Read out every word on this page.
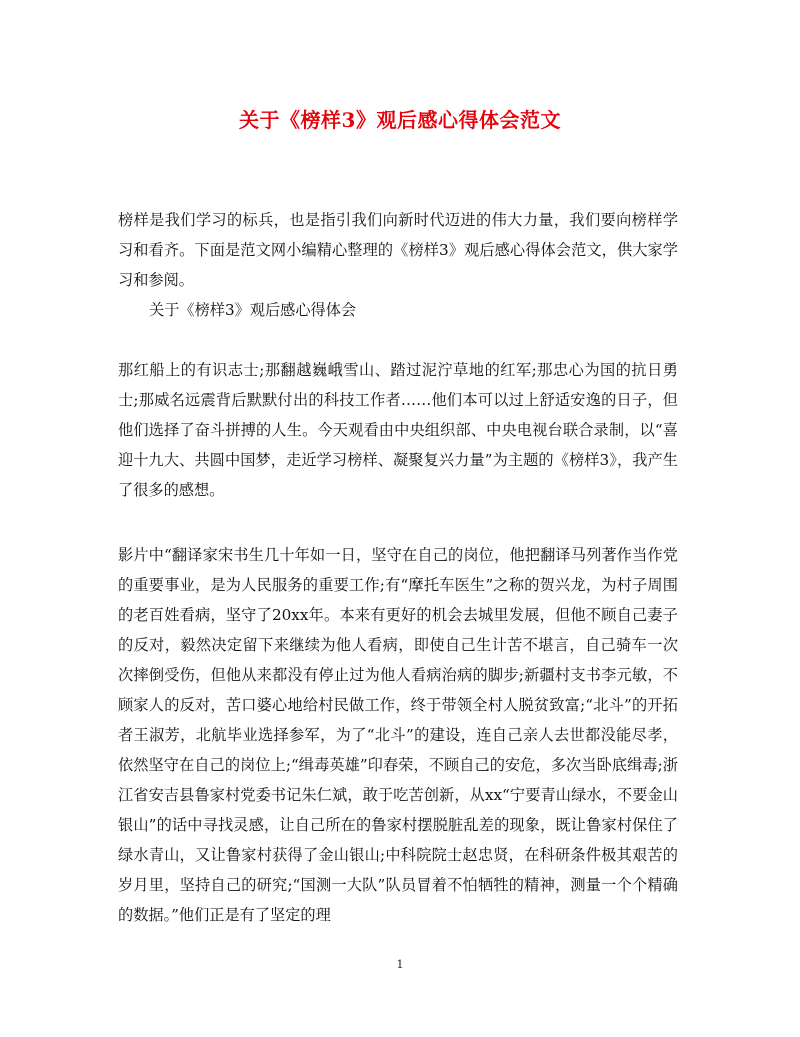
关于《榜样3》观后感心得体会范文

榜样是我们学习的标兵，也是指引我们向新时代迈进的伟大力量，我们要向榜样学习和看齐。下面是范文网小编精心整理的《榜样3》观后感心得体会范文，供大家学习和参阅。

关于《榜样3》观后感心得体会

那红船上的有识志士;那翻越巍峨雪山、踏过泥泞草地的红军;那忠心为国的抗日勇士;那威名远震背后默默付出的科技工作者……他们本可以过上舒适安逸的日子，但他们选择了奋斗拼搏的人生。今天观看由中央组织部、中央电视台联合录制，以“喜迎十九大、共圆中国梦，走近学习榜样、凝聚复兴力量”为主题的《榜样3》，我产生了很多的感想。

影片中“翻译家宋书生几十年如一日，坚守在自己的岗位，他把翻译马列著作当作党的重要事业，是为人民服务的重要工作;有“摩托车医生”之称的贺兴龙，为村子周围的老百姓看病，坚守了20xx年。本来有更好的机会去城里发展，但他不顾自己妻子的反对，毅然决定留下来继续为他人看病，即使自己生计苦不堪言，自己骑车一次次摔倒受伤，但他从来都没有停止过为他人看病治病的脚步;新疆村支书李元敏，不顾家人的反对，苦口婆心地给村民做工作，终于带领全村人脱贫致富;“北斗”的开拓者王淑芳，北航毕业选择参军，为了“北斗”的建设，连自己亲人去世都没能尽孝，依然坚守在自己的岗位上;“缉毒英雄”印春荣，不顾自己的安危，多次当卧底缉毒;浙江省安吉县鲁家村党委书记朱仁斌，敢于吃苦创新，从xx“宁要青山绿水，不要金山银山”的话中寻找灵感，让自己所在的鲁家村摆脱脏乱差的现象，既让鲁家村保住了绿水青山，又让鲁家村获得了金山银山;中科院院士赵忠贤，在科研条件极其艰苦的岁月里，坚持自己的研究;“国测一大队”队员冒着不怕牺牲的精神，测量一个个精确的数据。”他们正是有了坚定的理

1
